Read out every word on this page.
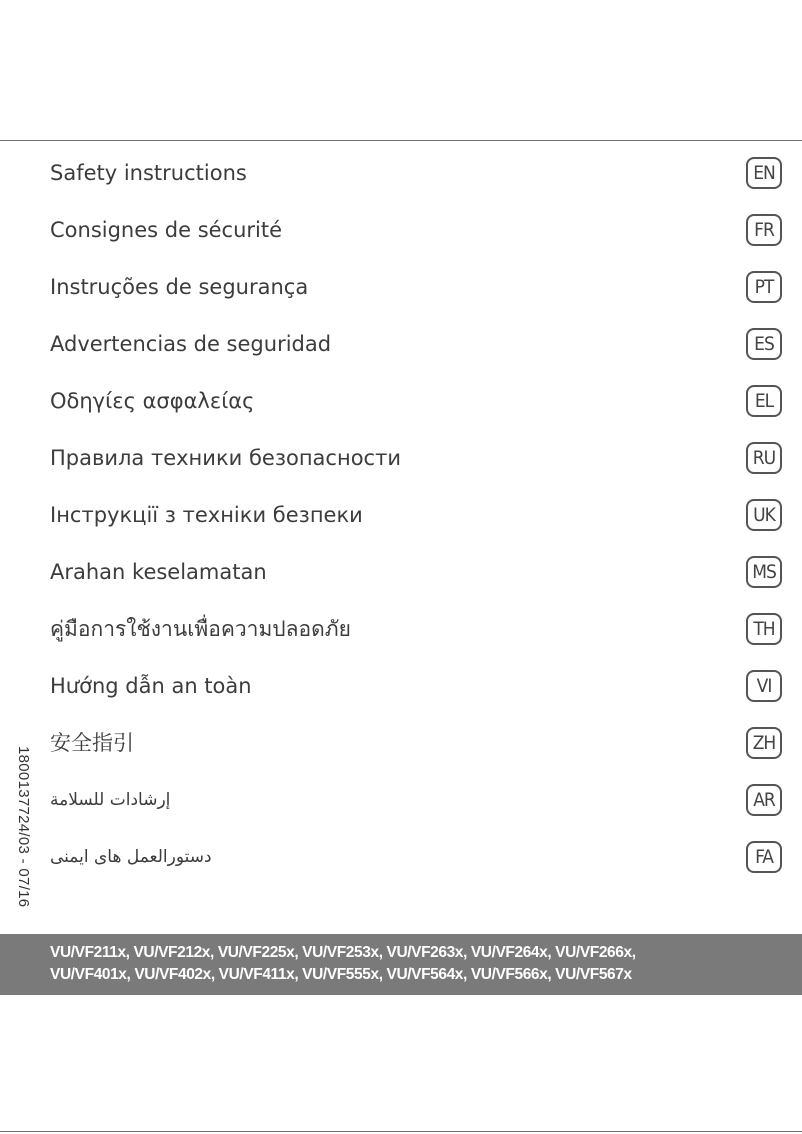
Safety instructions	EN
Consignes de sécurité	FR
Instruções de segurança	PT
Advertencias de seguridad	ES
Οδηγίες ασφαλείας	EL
Правила техники безопасности	RU
Інструкції з техніки безпеки	UK
Arahan keselamatan	MS
คู่มือการใช้งานเพื่อความปลอดภัย	TH
Hướng dẫn an toàn	VI
安全指引	ZH
إرشادات للسلامة	AR
دستورالعمل های ایمنی	FA
1800137724/03 - 07/16
VU/VF211x, VU/VF212x, VU/VF225x, VU/VF253x, VU/VF263x, VU/VF264x, VU/VF266x,
VU/VF401x, VU/VF402x, VU/VF411x, VU/VF555x, VU/VF564x, VU/VF566x, VU/VF567x
